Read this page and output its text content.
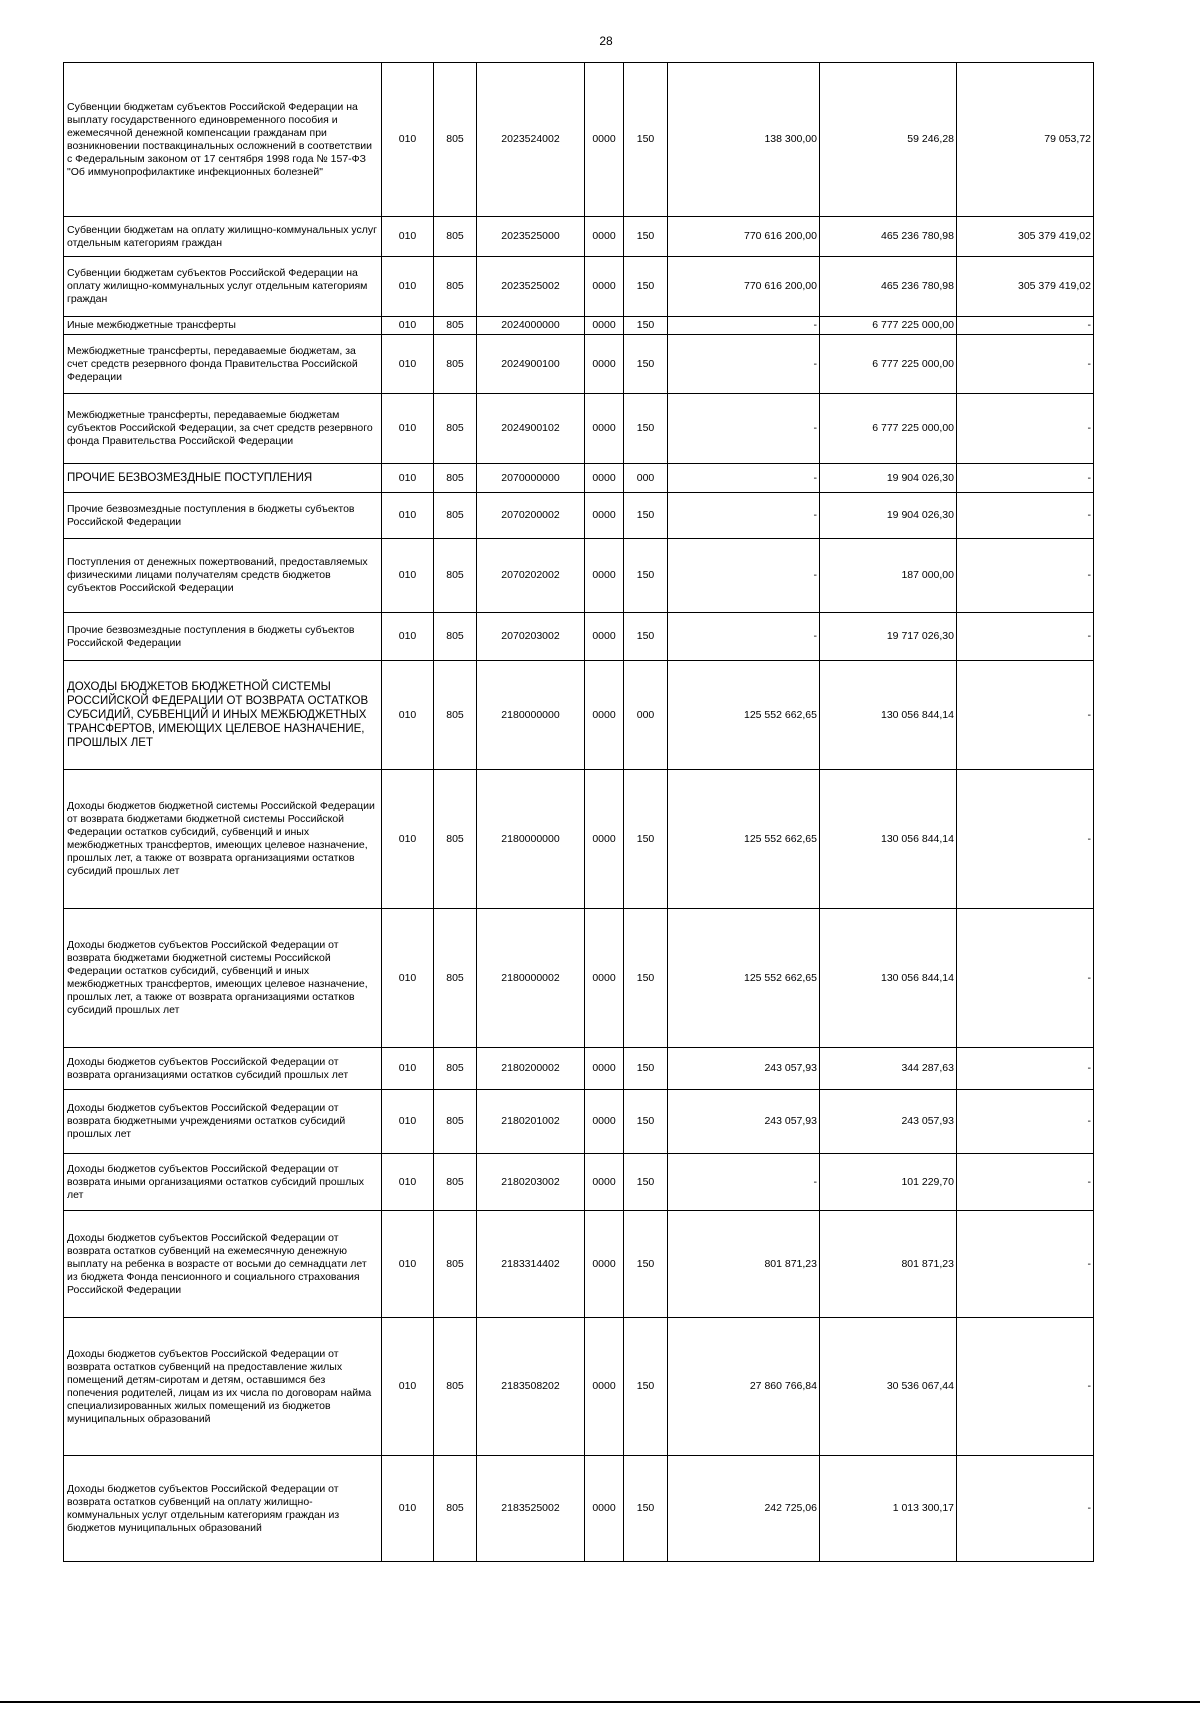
28
Субвенции бюджетам субъектов Российской Федерации на выплату государственного единовременного пособия и ежемесячной денежной компенсации гражданам при возникновении поствакцинальных осложнений в соответствии с Федеральным законом от 17 сентября 1998 года № 157-ФЗ "Об иммунопрофилактике инфекционных болезней"	010	805	2023524002	0000	150	138 300,00	59 246,28	79 053,72
Субвенции бюджетам на оплату жилищно-коммунальных услуг отдельным категориям граждан	010	805	2023525000	0000	150	770 616 200,00	465 236 780,98	305 379 419,02
Субвенции бюджетам субъектов Российской Федерации на оплату жилищно-коммунальных услуг отдельным категориям граждан	010	805	2023525002	0000	150	770 616 200,00	465 236 780,98	305 379 419,02
Иные межбюджетные трансферты	010	805	2024000000	0000	150	-	6 777 225 000,00	-
Межбюджетные трансферты, передаваемые бюджетам, за счет средств резервного фонда Правительства Российской Федерации	010	805	2024900100	0000	150	-	6 777 225 000,00	-
Межбюджетные трансферты, передаваемые бюджетам субъектов Российской Федерации, за счет средств резервного фонда Правительства Российской Федерации	010	805	2024900102	0000	150	-	6 777 225 000,00	-
ПРОЧИЕ БЕЗВОЗМЕЗДНЫЕ ПОСТУПЛЕНИЯ	010	805	2070000000	0000	000	-	19 904 026,30	-
Прочие безвозмездные поступления в бюджеты субъектов Российской Федерации	010	805	2070200002	0000	150	-	19 904 026,30	-
Поступления от денежных пожертвований, предоставляемых физическими лицами получателям средств бюджетов субъектов Российской Федерации	010	805	2070202002	0000	150	-	187 000,00	-
Прочие безвозмездные поступления в бюджеты субъектов Российской Федерации	010	805	2070203002	0000	150	-	19 717 026,30	-
ДОХОДЫ БЮДЖЕТОВ БЮДЖЕТНОЙ СИСТЕМЫ РОССИЙСКОЙ ФЕДЕРАЦИИ ОТ ВОЗВРАТА ОСТАТКОВ СУБСИДИЙ, СУБВЕНЦИЙ И ИНЫХ МЕЖБЮДЖЕТНЫХ ТРАНСФЕРТОВ, ИМЕЮЩИХ ЦЕЛЕВОЕ НАЗНАЧЕНИЕ, ПРОШЛЫХ ЛЕТ	010	805	2180000000	0000	000	125 552 662,65	130 056 844,14	-
Доходы бюджетов бюджетной системы Российской Федерации от возврата бюджетами бюджетной системы Российской Федерации остатков субсидий, субвенций и иных межбюджетных трансфертов, имеющих целевое назначение, прошлых лет, а также от возврата организациями остатков субсидий прошлых лет	010	805	2180000000	0000	150	125 552 662,65	130 056 844,14	-
Доходы бюджетов субъектов Российской Федерации от возврата бюджетами бюджетной системы Российской Федерации остатков субсидий, субвенций и иных межбюджетных трансфертов, имеющих целевое назначение, прошлых лет, а также от возврата организациями остатков субсидий прошлых лет	010	805	2180000002	0000	150	125 552 662,65	130 056 844,14	-
Доходы бюджетов субъектов Российской Федерации от возврата организациями остатков субсидий прошлых лет	010	805	2180200002	0000	150	243 057,93	344 287,63	-
Доходы бюджетов субъектов Российской Федерации от возврата бюджетными учреждениями остатков субсидий прошлых лет	010	805	2180201002	0000	150	243 057,93	243 057,93	-
Доходы бюджетов субъектов Российской Федерации от возврата иными организациями остатков субсидий прошлых лет	010	805	2180203002	0000	150	-	101 229,70	-
Доходы бюджетов субъектов Российской Федерации от возврата остатков субвенций на ежемесячную денежную выплату на ребенка в возрасте от восьми до семнадцати лет из бюджета Фонда пенсионного и социального страхования Российской Федерации	010	805	2183314402	0000	150	801 871,23	801 871,23	-
Доходы бюджетов субъектов Российской Федерации от возврата остатков субвенций на предоставление жилых помещений детям-сиротам и детям, оставшимся без попечения родителей, лицам из их числа по договорам найма специализированных жилых помещений из бюджетов муниципальных образований	010	805	2183508202	0000	150	27 860 766,84	30 536 067,44	-
Доходы бюджетов субъектов Российской Федерации от возврата остатков субвенций на оплату жилищно-коммунальных услуг отдельным категориям граждан из бюджетов муниципальных образований	010	805	2183525002	0000	150	242 725,06	1 013 300,17	-
